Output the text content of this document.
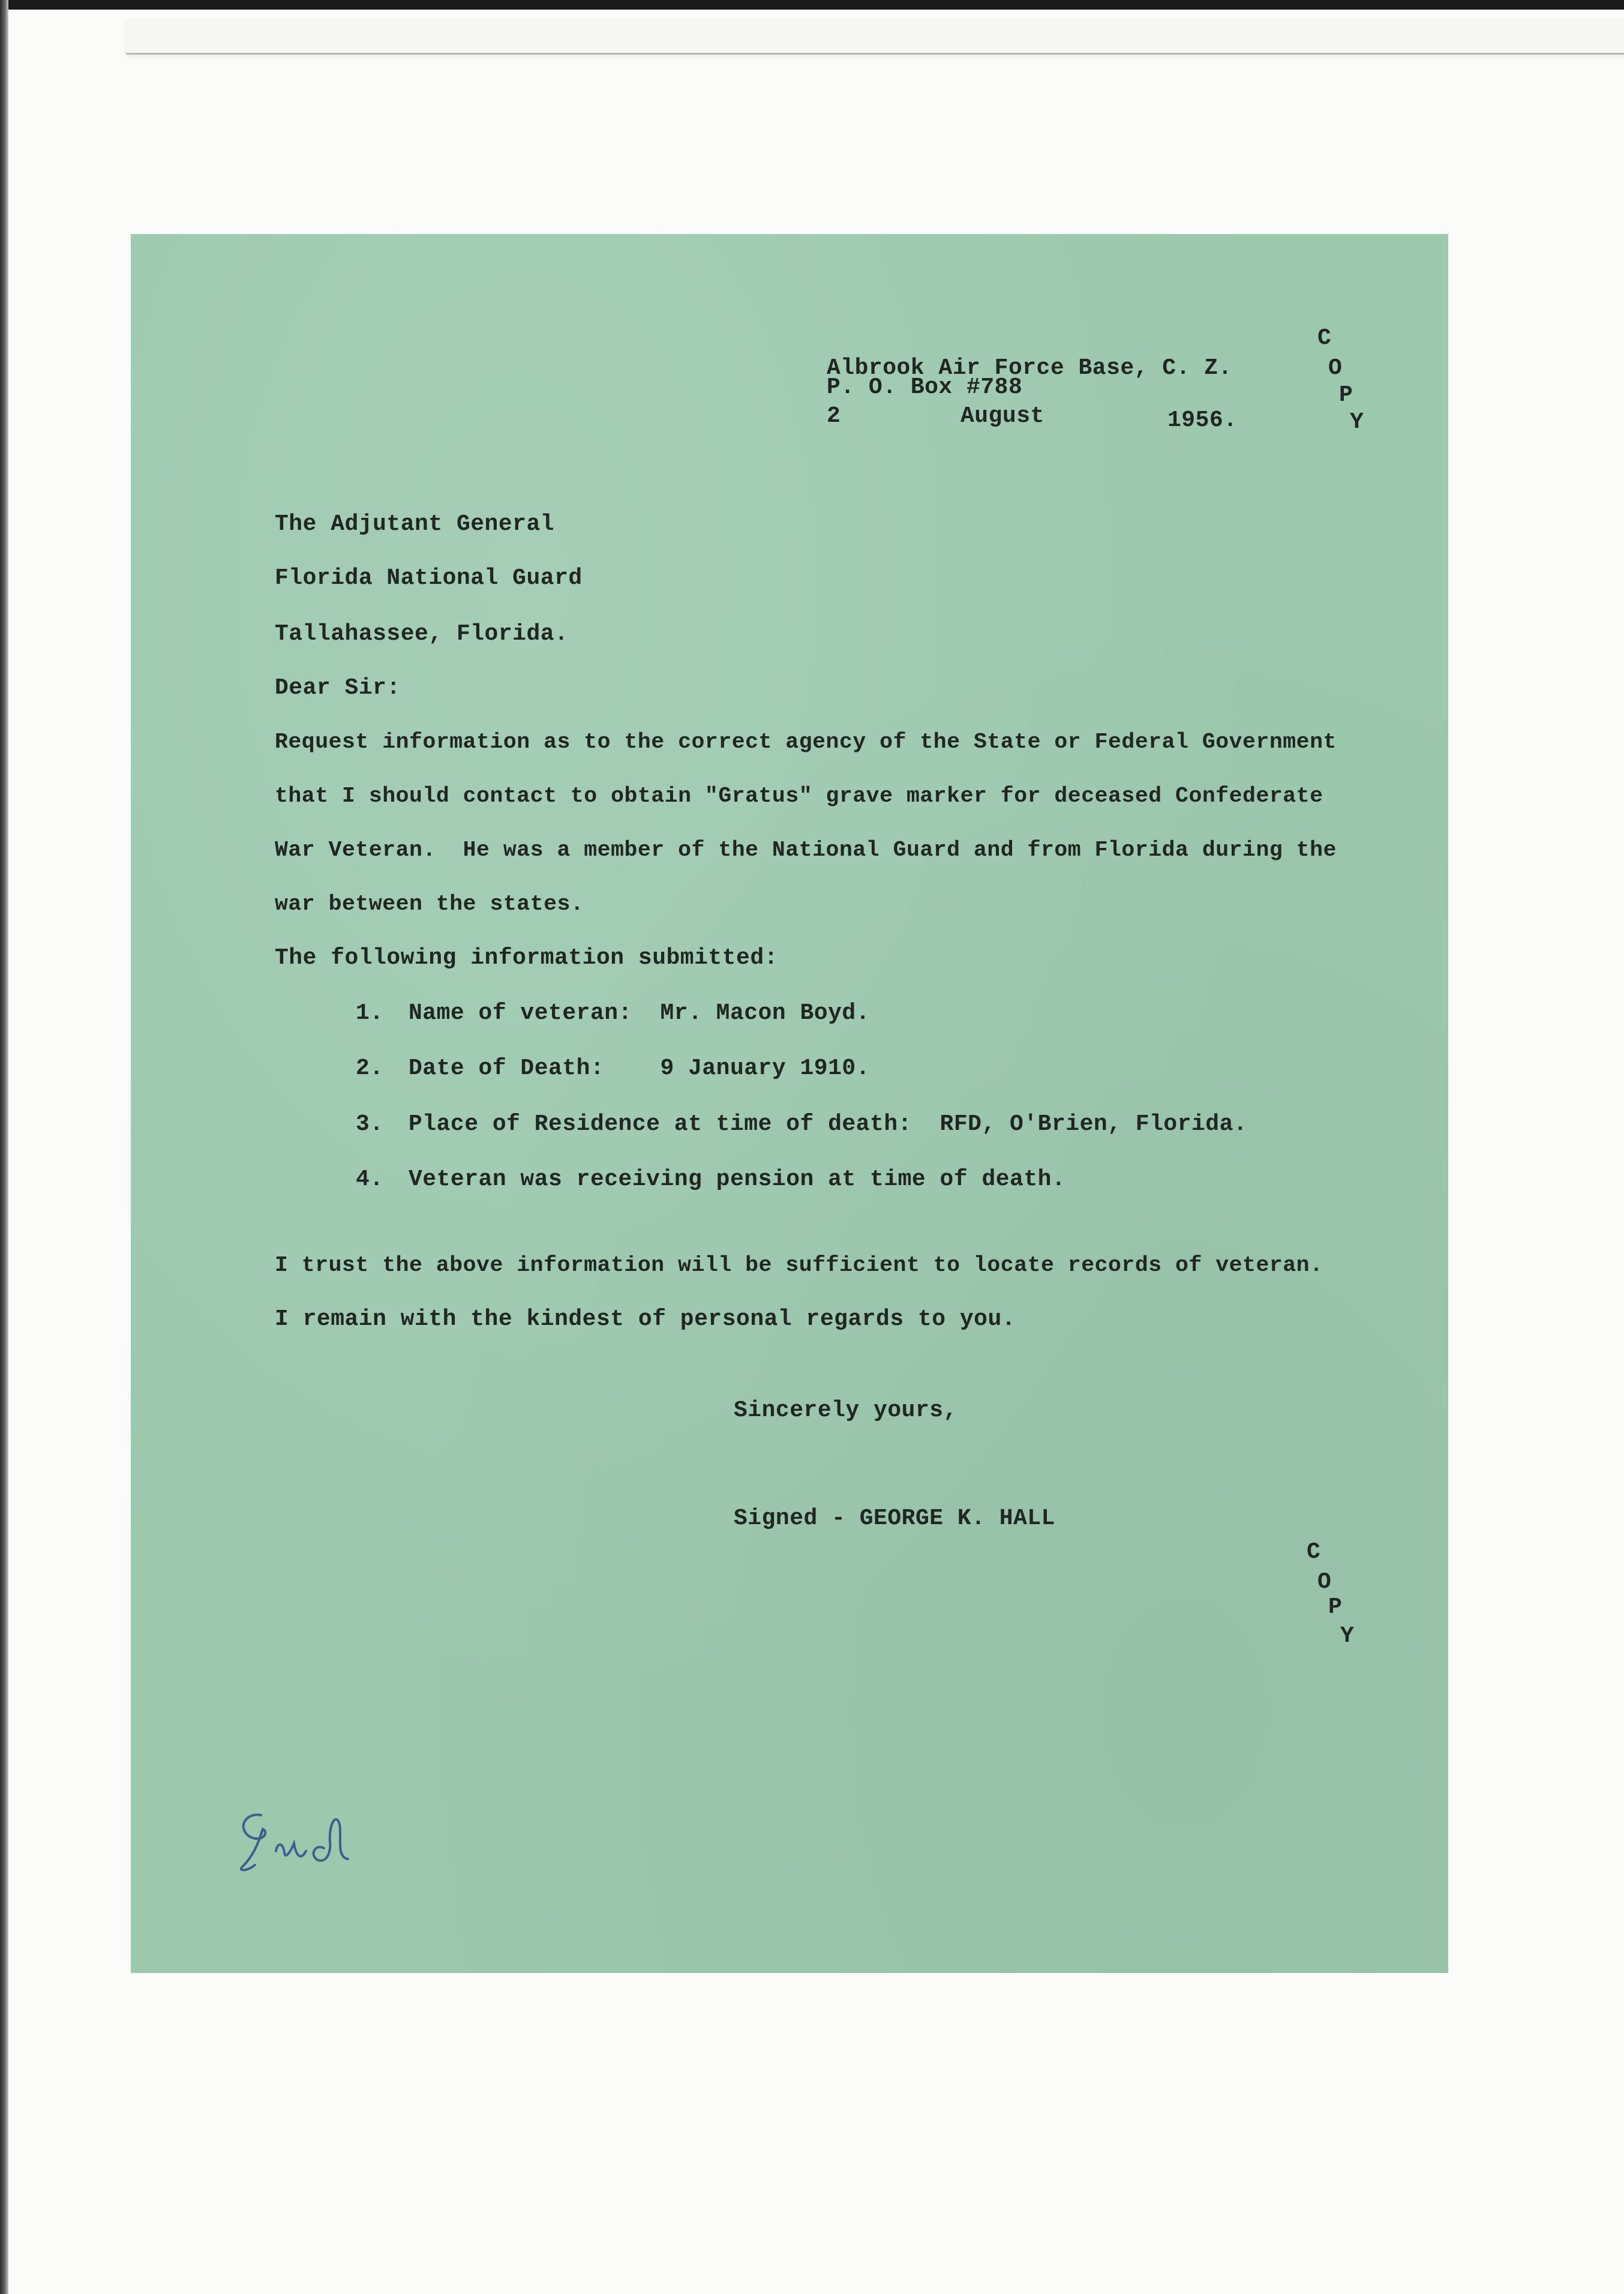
Albrook Air Force Base, C. Z.
P. O. Box #788
2	August	1956.
C
O
P
Y
The Adjutant General
Florida National Guard
Tallahassee, Florida.
Dear Sir:
Request information as to the correct agency of the State or Federal Government
that I should contact to obtain "Gratus" grave marker for deceased Confederate
War Veteran.  He was a member of the National Guard and from Florida during the
war between the states.
The following information submitted:
1. Name of veteran:  Mr. Macon Boyd.
2. Date of Death:    9 January 1910.
3. Place of Residence at time of death:  RFD, O'Brien, Florida.
4. Veteran was receiving pension at time of death.
I trust the above information will be sufficient to locate records of veteran.
I remain with the kindest of personal regards to you.
Sincerely yours,
Signed - GEORGE K. HALL
C
O
P
Y
